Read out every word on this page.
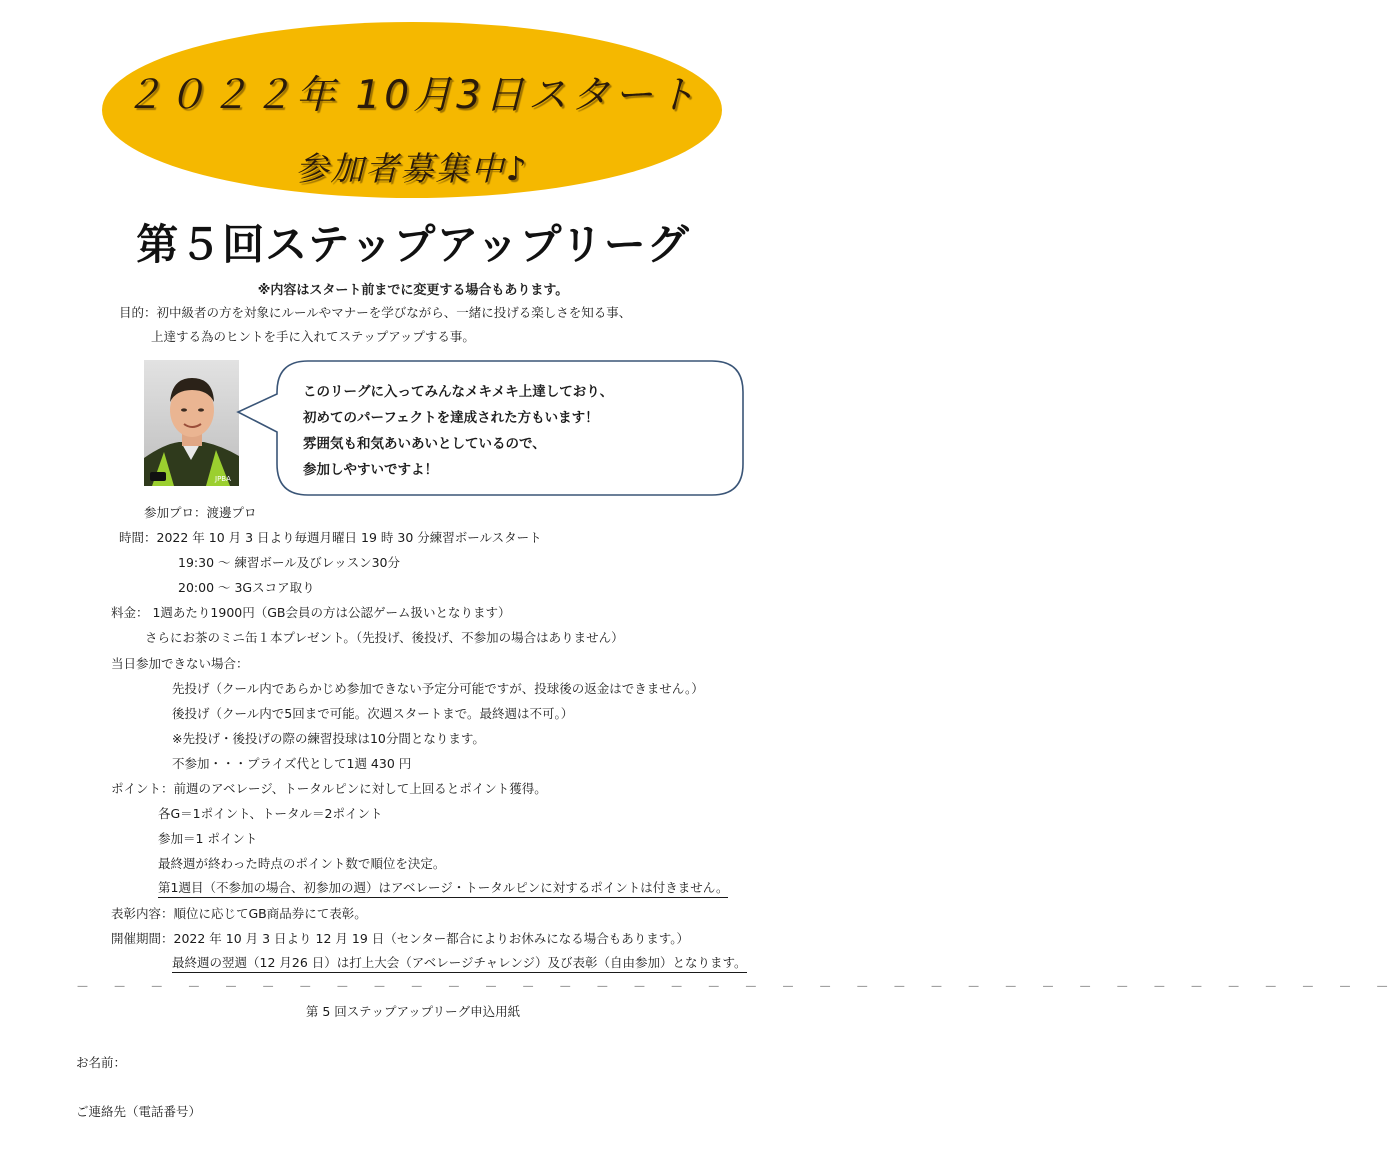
２０２２年 10月3日スタート
参加者募集中♪
第５回ステップアップリーグ
※内容はスタート前までに変更する場合もあります。
目的：初中級者の方を対象にルールやマナーを学びながら、一緒に投げる楽しさを知る事、
上達する為のヒントを手に入れてステップアップする事。
JPBA
このリーグに入ってみんなメキメキ上達しており、
初めてのパーフェクトを達成された方もいます！
雰囲気も和気あいあいとしているので、
参加しやすいですよ！
参加プロ：渡邊プロ
時間：2022 年 10 月 3 日より毎週月曜日 19 時 30 分練習ボールスタート
19:30 ～ 練習ボール及びレッスン30分
20:00 ～ 3Gスコア取り
料金： 1週あたり1900円（GB会員の方は公認ゲーム扱いとなります）
さらにお茶のミニ缶１本プレゼント。（先投げ、後投げ、不参加の場合はありません）
当日参加できない場合：
先投げ（クール内であらかじめ参加できない予定分可能ですが、投球後の返金はできません。）
後投げ（クール内で5回まで可能。次週スタートまで。最終週は不可。）
※先投げ・後投げの際の練習投球は10分間となります。
不参加・・・プライズ代として1週 430 円
ポイント：前週のアベレージ、トータルピンに対して上回るとポイント獲得。
各G＝1ポイント、トータル＝2ポイント
参加＝1 ポイント
最終週が終わった時点のポイント数で順位を決定。
第1週目（不参加の場合、初参加の週）はアベレージ・トータルピンに対するポイントは付きません。
表彰内容：順位に応じてGB商品券にて表彰。
開催期間：2022 年 10 月 3 日より 12 月 19 日（センター都合によりお休みになる場合もあります。）
最終週の翌週（12 月26 日）は打上大会（アベレージチャレンジ）及び表彰（自由参加）となります。
－ － － － － － － － － － － － － － － － － － － － － － － － － － － － － － － － － － － －
第 5 回ステップアップリーグ申込用紙
お名前：
ご連絡先（電話番号）
